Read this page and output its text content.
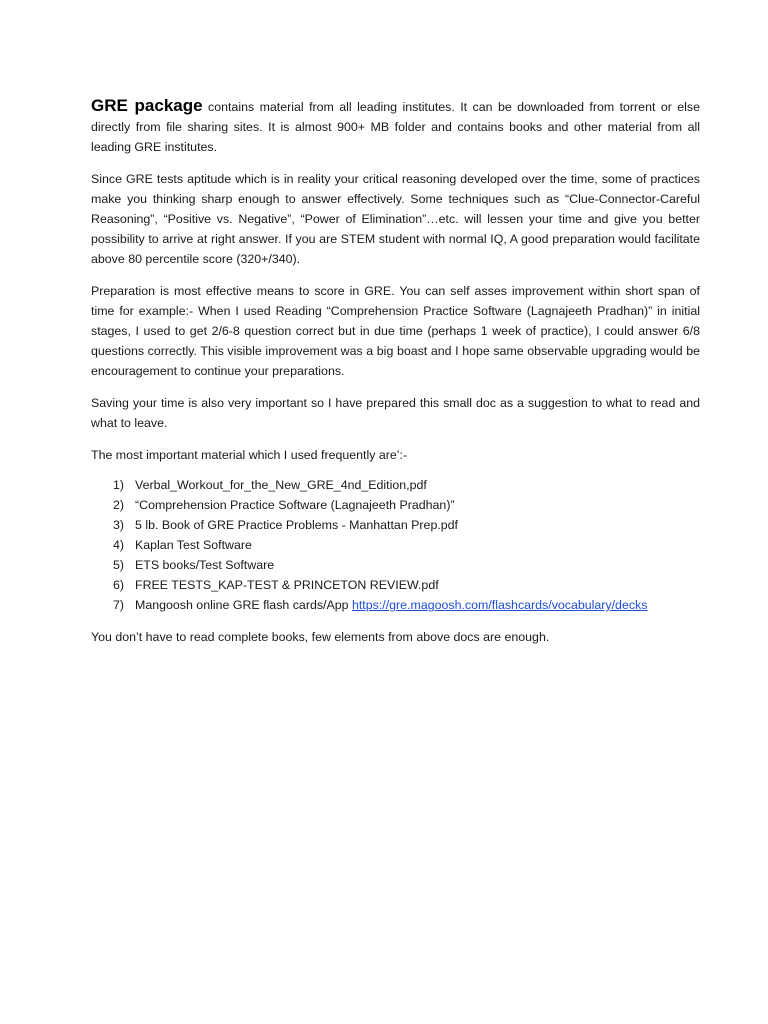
GRE package contains material from all leading institutes. It can be downloaded from torrent or else directly from file sharing sites. It is almost 900+ MB folder and contains books and other material from all leading GRE institutes.

Since GRE tests aptitude which is in reality your critical reasoning developed over the time, some of practices make you thinking sharp enough to answer effectively. Some techniques such as “Clue-Connector-Careful Reasoning”, “Positive vs. Negative”, “Power of Elimination”…etc. will lessen your time and give you better possibility to arrive at right answer. If you are STEM student with normal IQ, A good preparation would facilitate above 80 percentile score (320+/340).

Preparation is most effective means to score in GRE. You can self asses improvement within short span of time for example:- When I used Reading “Comprehension Practice Software (Lagnajeeth Pradhan)” in initial stages, I used to get 2/6-8 question correct but in due time (perhaps 1 week of practice), I could answer 6/8 questions correctly. This visible improvement was a big boast and I hope same observable upgrading would be encouragement to continue your preparations.

Saving your time is also very important so I have prepared this small doc as a suggestion to what to read and what to leave.

The most important material which I used frequently are’:-

1) Verbal_Workout_for_the_New_GRE_4nd_Edition,pdf
2) “Comprehension Practice Software (Lagnajeeth Pradhan)”
3) 5 lb. Book of GRE Practice Problems - Manhattan Prep.pdf
4) Kaplan Test Software
5) ETS books/Test Software
6) FREE TESTS_KAP-TEST & PRINCETON REVIEW.pdf
7) Mangoosh online GRE flash cards/App https://gre.magoosh.com/flashcards/vocabulary/decks

You don’t have to read complete books, few elements from above docs are enough.
